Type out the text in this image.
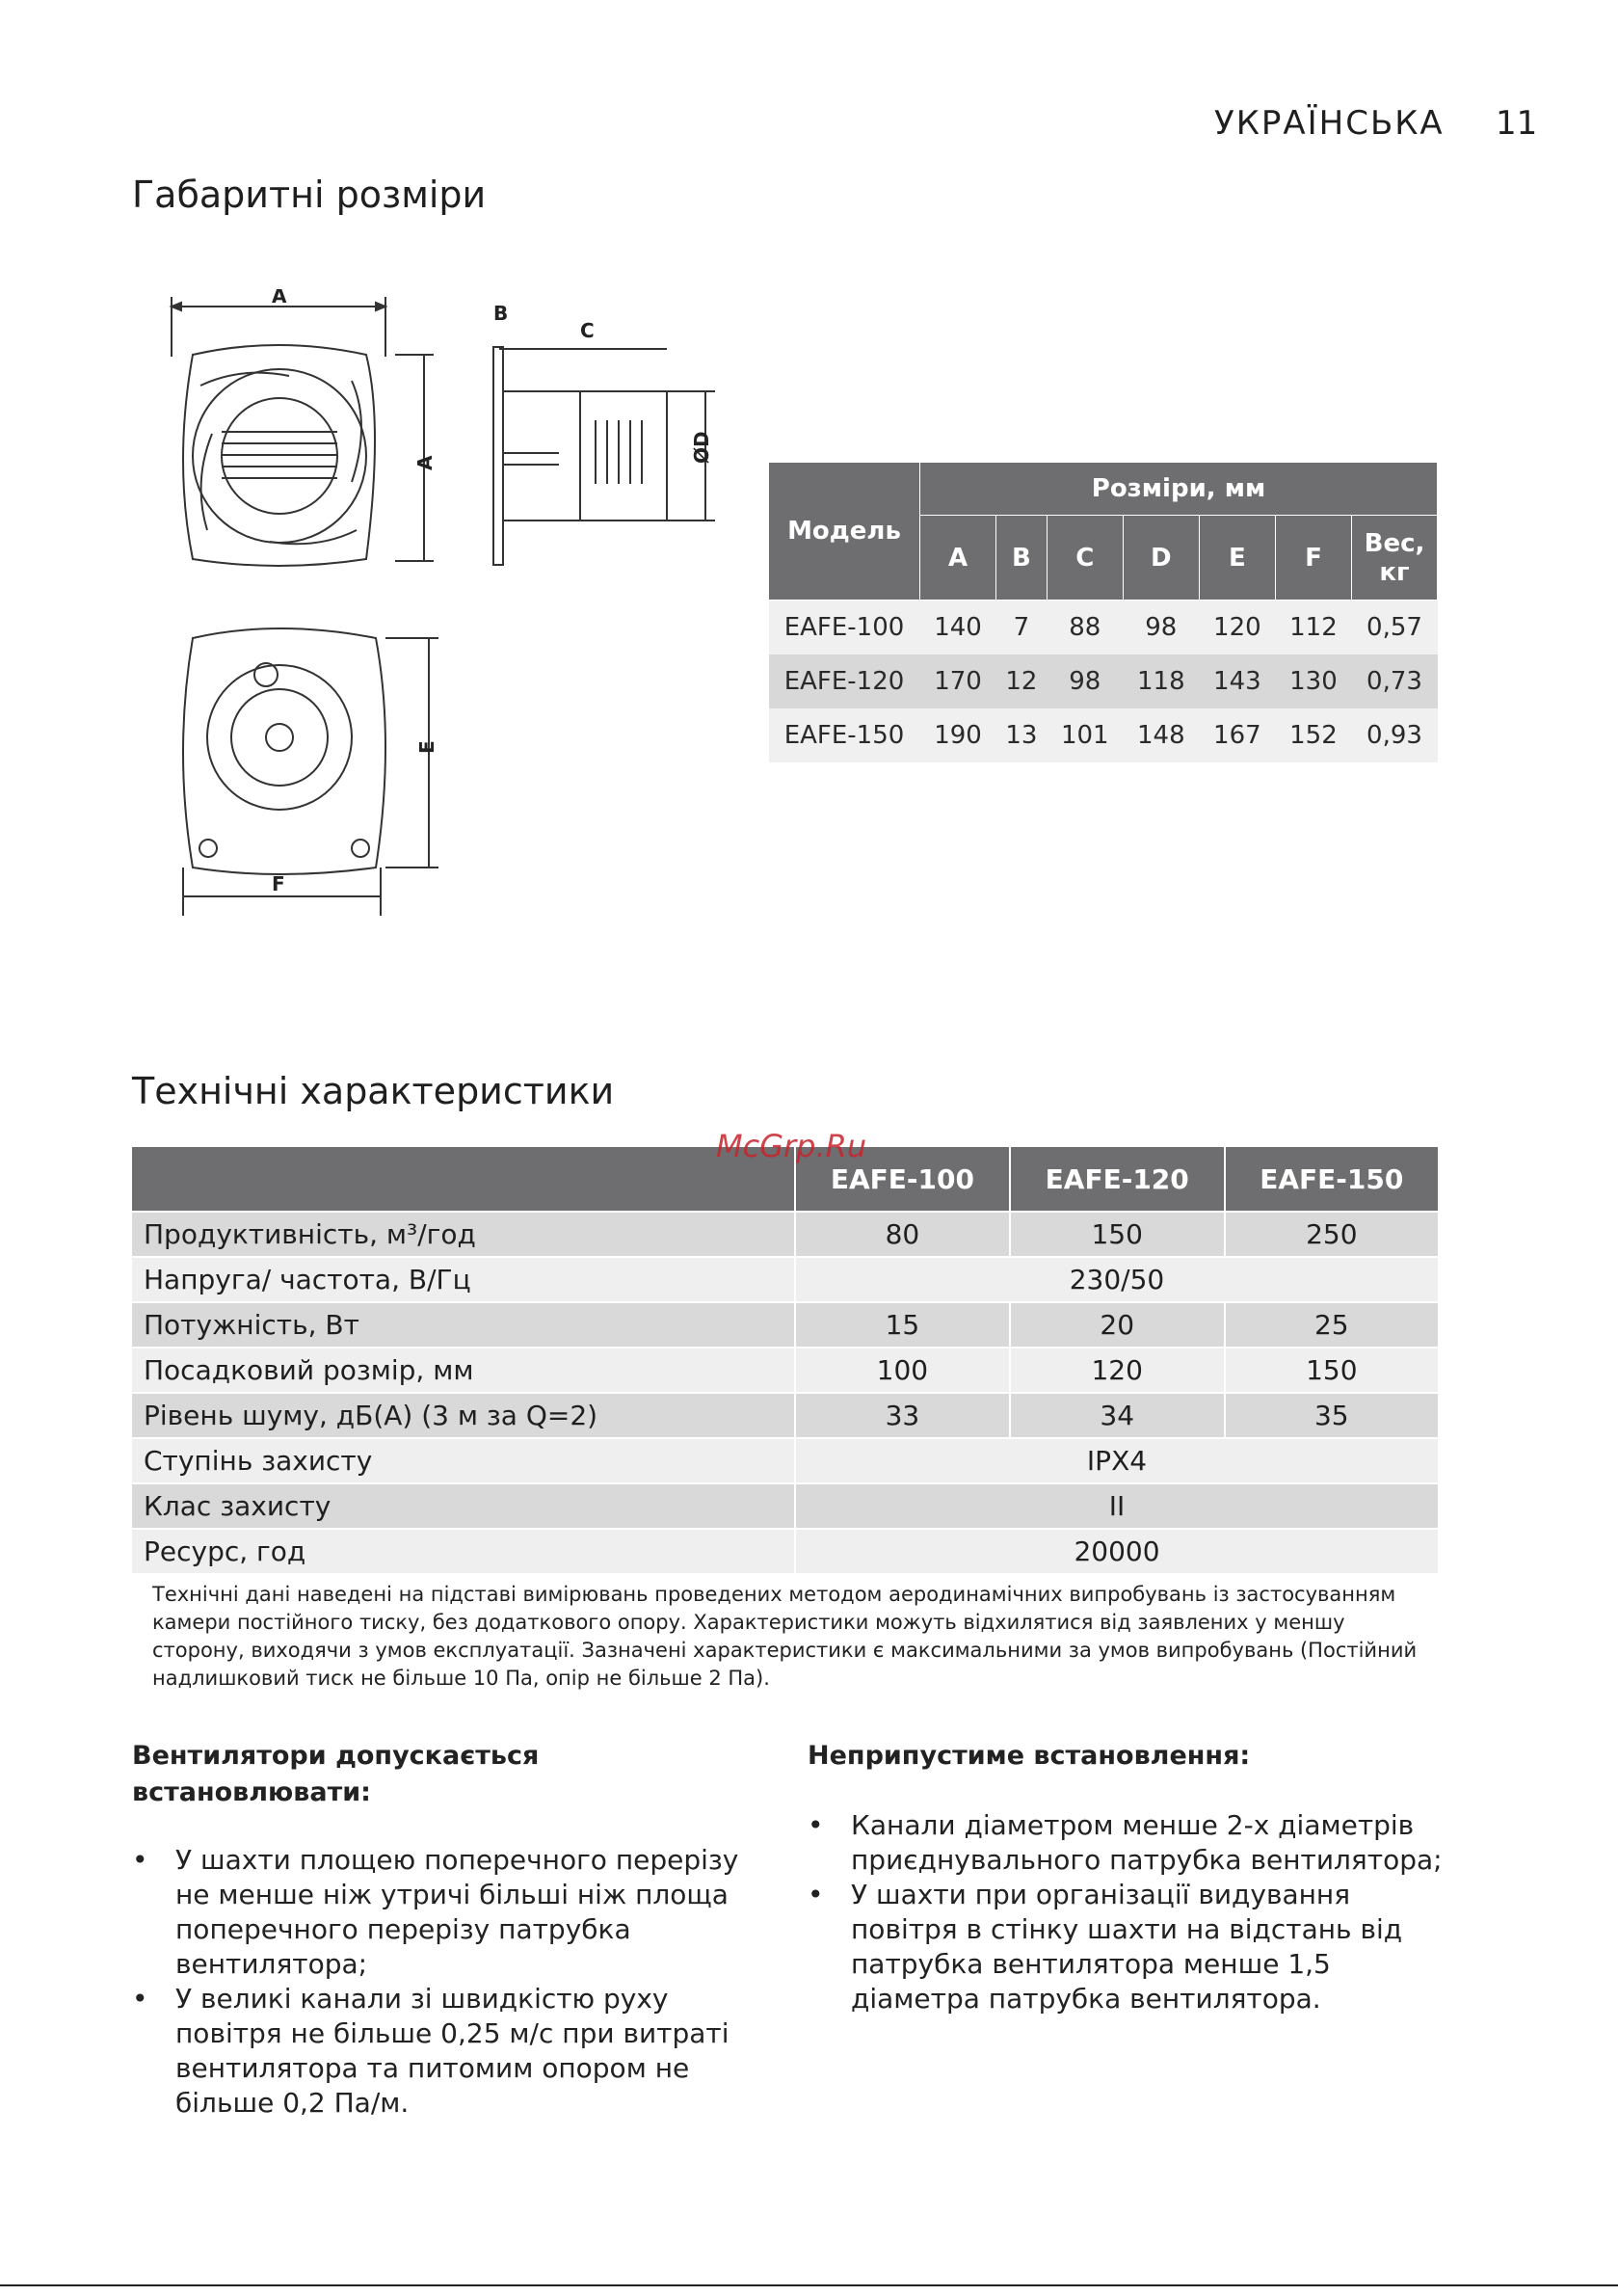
УКРАЇНСЬКА 11
Габаритні розміри
A
A
B
C
ØD
E
F
Модель	Розміри, мм						
	A	B	C	D	E	F	Вес, кг
EAFE-100	140	7	88	98	120	112	0,57
EAFE-120	170	12	98	118	143	130	0,73
EAFE-150	190	13	101	148	167	152	0,93
Технічні характеристики
	EAFE-100	EAFE-120	EAFE-150
Продуктивність, м³/год	80	150	250
Напруга/ частота, В/Гц	230/50		
Потужність, Вт	15	20	25
Посадковий розмір, мм	100	120	150
Рівень шуму, дБ(А) (3 м за Q=2)	33	34	35
Ступінь захисту	IPX4		
Клас захисту	II		
Ресурс, год	20000		
McGrp.Ru
Технічні дані наведені на підставі вимірювань проведених методом аеродинамічних випробувань із застосуванням камери постійного тиску, без додаткового опору. Характеристики можуть відхилятися від заявлених у меншу сторону, виходячи з умов експлуатації. Зазначені характеристики є максимальними за умов випробувань (Постійний надлишковий тиск не більше 10 Па, опір не більше 2 Па).
Вентилятори допускається встановлювати:
Неприпустиме встановлення:
• У шахти площею поперечного перерізу не менше ніж утричі більші ніж площа поперечного перерізу патрубка вентилятора;
• У великі канали зі швидкістю руху повітря не більше 0,25 м/с при витраті вентилятора та питомим опором не більше 0,2 Па/м.
• Канали діаметром менше 2-х діаметрів приєднувального патрубка вентилятора;
• У шахти при організації видування повітря в стінку шахти на відстань від патрубка вентилятора менше 1,5 діаметра патрубка вентилятора.
